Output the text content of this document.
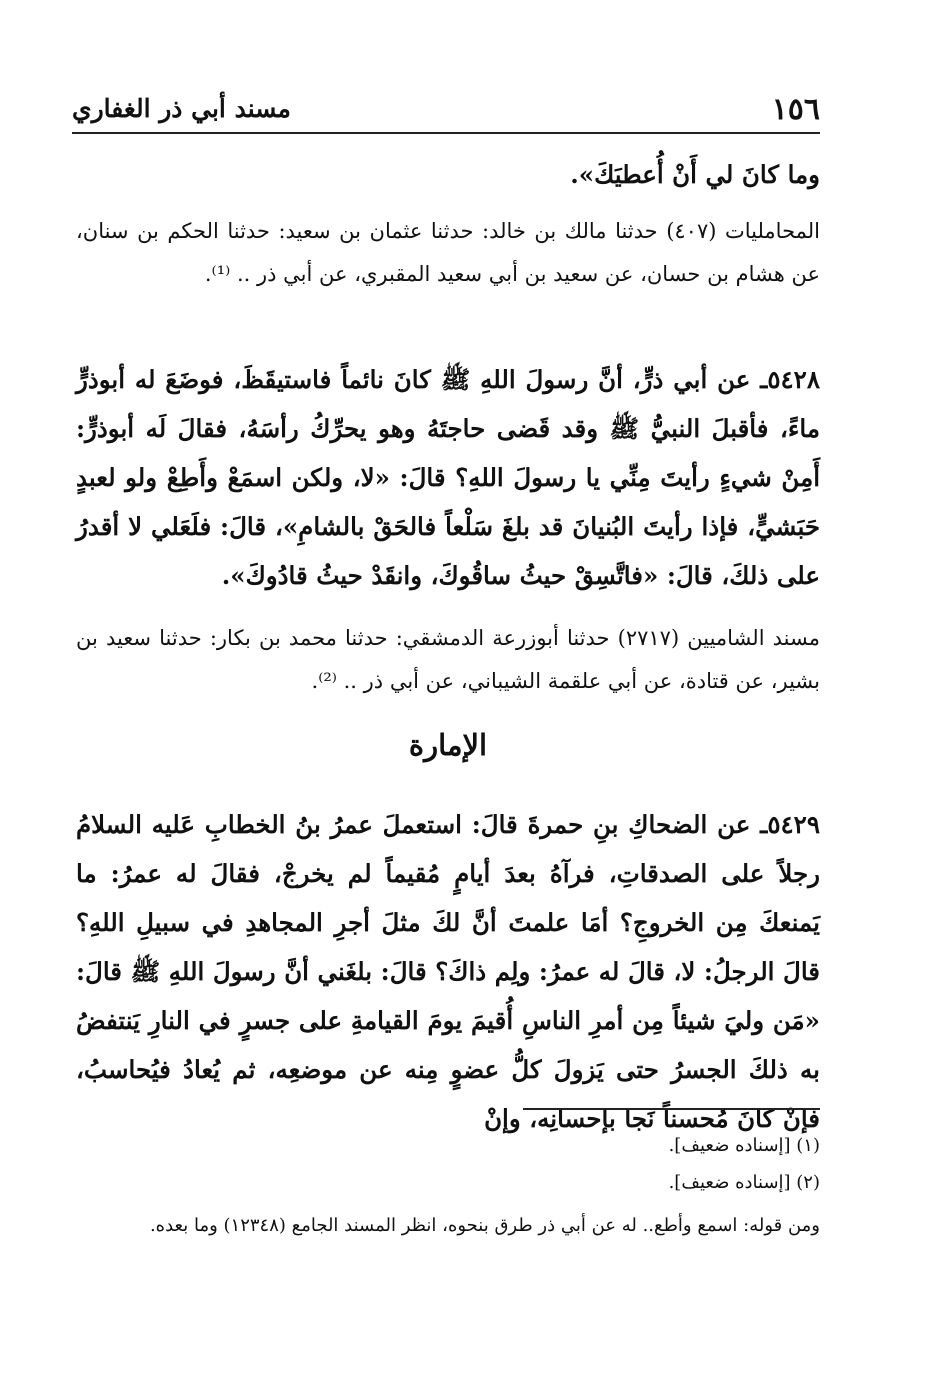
١٥٦
مسند أبي ذر الغفاري

وما كانَ لي أَنْ أُعطيَكَ».

المحامليات (٤٠٧) حدثنا مالك بن خالد: حدثنا عثمان بن سعيد: حدثنا الحكم بن سنان، عن هشام بن حسان، عن سعيد بن أبي سعيد المقبري، عن أبي ذر .. ⁽¹⁾.

٥٤٢٨ـ عن أبي ذرٍّ، أنَّ رسولَ اللهِ ﷺ كانَ نائماً فاستيقَظَ، فوضَعَ له أبوذرٍّ ماءً، فأقبلَ النبيُّ ﷺ وقد قَضى حاجتَهُ وهو يحرِّكُ رأسَهُ، فقالَ لَه أبوذرٍّ: أَمِنْ شيءٍ رأيتَ مِنِّي يا رسولَ اللهِ؟ قالَ: «لا، ولكن اسمَعْ وأَطِعْ ولو لعبدٍ حَبَشيٍّ، فإذا رأيتَ البُنيانَ قد بلغَ سَلْعاً فالحَقْ بالشامِ»، قالَ: فلَعَلي لا أقدرُ على ذلكَ، قالَ: «فاتَّسِقْ حيثُ ساقُوكَ، وانقَدْ حيثُ قادُوكَ».

مسند الشاميين (٢٧١٧) حدثنا أبوزرعة الدمشقي: حدثنا محمد بن بكار: حدثنا سعيد بن بشير، عن قتادة، عن أبي علقمة الشيباني، عن أبي ذر .. ⁽²⁾.

الإمارة

٥٤٢٩ـ عن الضحاكِ بنِ حمرةَ قالَ: استعملَ عمرُ بنُ الخطابِ عَليه السلامُ رجلاً على الصدقاتِ، فرآهُ بعدَ أيامٍ مُقيماً لم يخرجْ، فقالَ له عمرُ: ما يَمنعكَ مِن الخروجِ؟ أمَا علمتَ أنَّ لكَ مثلَ أجرِ المجاهدِ في سبيلِ اللهِ؟ قالَ الرجلُ: لا، قالَ له عمرُ: ولِم ذاكَ؟ قالَ: بلغَني أنَّ رسولَ اللهِ ﷺ قالَ: «مَن وليَ شيئاً مِن أمرِ الناسِ أُقيمَ يومَ القيامةِ على جسرٍ في النارِ يَنتفضُ به ذلكَ الجسرُ حتى يَزولَ كلُّ عضوٍ مِنه عن موضعِه، ثم يُعادُ فيُحاسبُ، فإنْ كانَ مُحسناً نَجا بإحسانِه، وإنْ

(١) [إسناده ضعيف].

(٢) [إسناده ضعيف].

ومن قوله: اسمع وأطع.. له عن أبي ذر طرق بنحوه، انظر المسند الجامع (١٢٣٤٨) وما بعده.
